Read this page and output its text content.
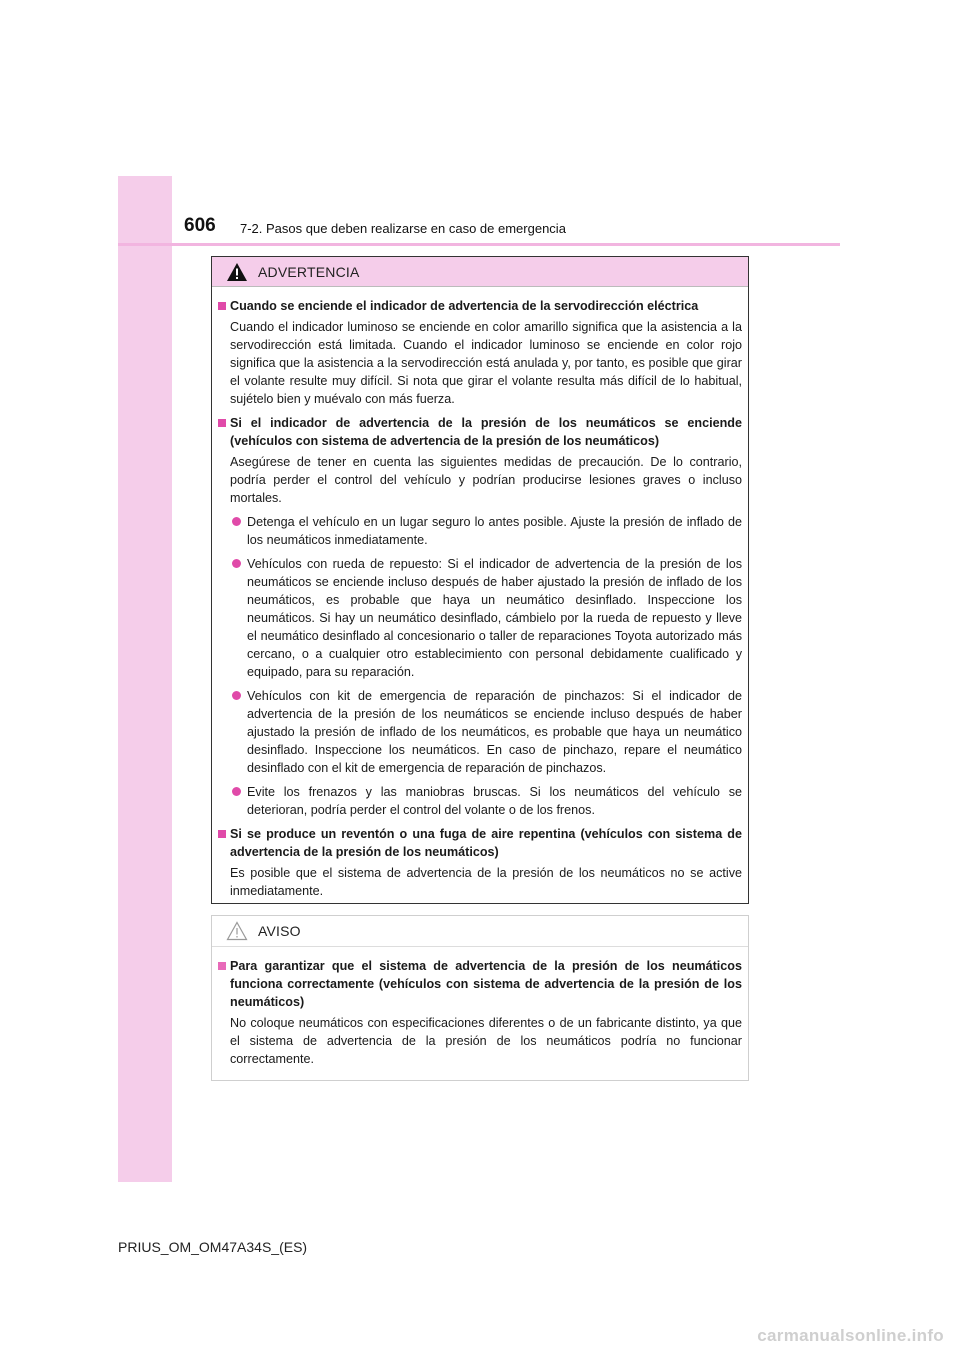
606 7-2. Pasos que deben realizarse en caso de emergencia
ADVERTENCIA
Cuando se enciende el indicador de advertencia de la servodirección eléctrica
Cuando el indicador luminoso se enciende en color amarillo significa que la asistencia a la servodirección está limitada. Cuando el indicador luminoso se enciende en color rojo significa que la asistencia a la servodirección está anulada y, por tanto, es posible que girar el volante resulte muy difícil. Si nota que girar el volante resulta más difícil de lo habitual, sujételo bien y muévalo con más fuerza.
Si el indicador de advertencia de la presión de los neumáticos se enciende (vehículos con sistema de advertencia de la presión de los neumáticos)
Asegúrese de tener en cuenta las siguientes medidas de precaución. De lo contrario, podría perder el control del vehículo y podrían producirse lesiones graves o incluso mortales.
Detenga el vehículo en un lugar seguro lo antes posible. Ajuste la presión de inflado de los neumáticos inmediatamente.
Vehículos con rueda de repuesto: Si el indicador de advertencia de la presión de los neumáticos se enciende incluso después de haber ajustado la presión de inflado de los neumáticos, es probable que haya un neumático desinflado. Inspeccione los neumáticos. Si hay un neumático desinflado, cámbielo por la rueda de repuesto y lleve el neumático desinflado al concesionario o taller de reparaciones Toyota autorizado más cercano, o a cualquier otro establecimiento con personal debidamente cualificado y equipado, para su reparación.
Vehículos con kit de emergencia de reparación de pinchazos: Si el indicador de advertencia de la presión de los neumáticos se enciende incluso después de haber ajustado la presión de inflado de los neumáticos, es probable que haya un neumático desinflado. Inspeccione los neumáticos. En caso de pinchazo, repare el neumático desinflado con el kit de emergencia de reparación de pinchazos.
Evite los frenazos y las maniobras bruscas. Si los neumáticos del vehículo se deterioran, podría perder el control del volante o de los frenos.
Si se produce un reventón o una fuga de aire repentina (vehículos con sistema de advertencia de la presión de los neumáticos)
Es posible que el sistema de advertencia de la presión de los neumáticos no se active inmediatamente.
AVISO
Para garantizar que el sistema de advertencia de la presión de los neumáticos funciona correctamente (vehículos con sistema de advertencia de la presión de los neumáticos)
No coloque neumáticos con especificaciones diferentes o de un fabricante distinto, ya que el sistema de advertencia de la presión de los neumáticos podría no funcionar correctamente.
PRIUS_OM_OM47A34S_(ES)
carmanualsonline.info
